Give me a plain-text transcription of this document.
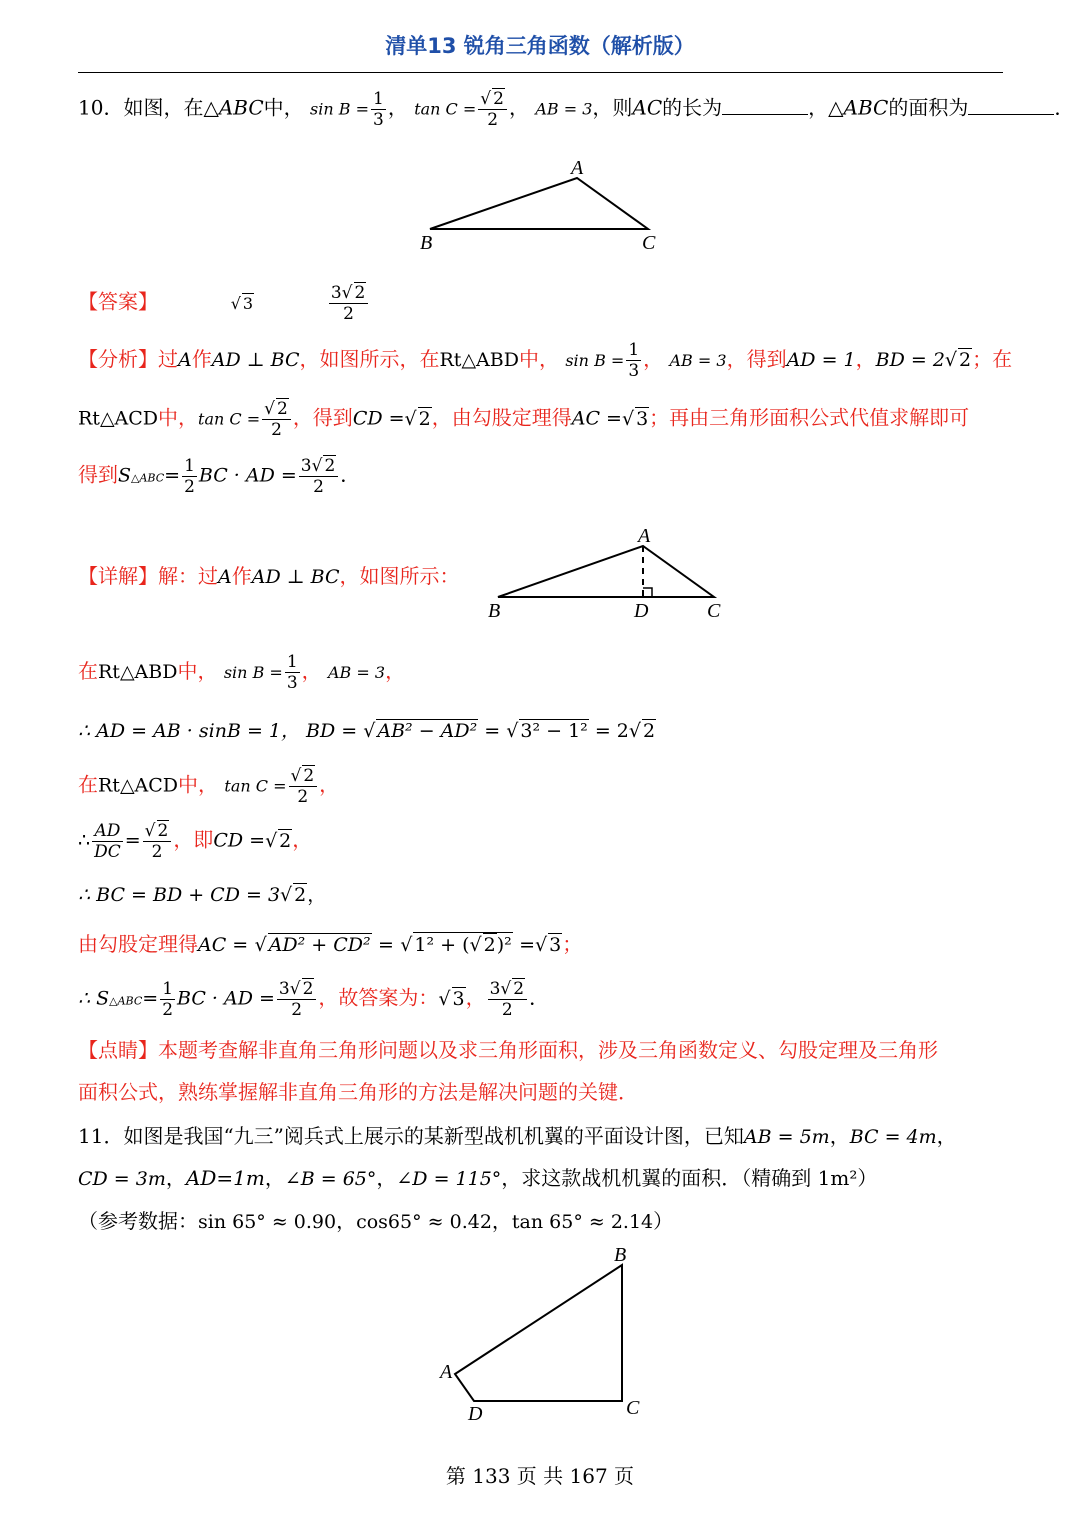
清单13 锐角三角函数（解析版）
10．如图，在△ABC中， $\sin B = \frac{1}{3}$ ， $\tan C = \frac{√ 2}{2}$ ， AB = 3，则AC的长为	，△ABC的面积为	．
A
B	C
A
B	D	C
B
A
C
D
【答案】	√ 3	$\frac{3√ 2}{2}$
【分析】过A作AD ⊥ BC，如图所示，在Rt△ABD中， $\sin B = \frac{1}{3}$ ， AB = 3，得到AD = 1，BD = 2√ 2；在
Rt△ACD中，$\tan C = \frac{√ 2}{2}$ ，得到CD =√ 2，由勾股定理得AC =√ 3；再由三角形面积公式代值求解即可
得到S△ABC= $\frac{1}{2}$ BC · AD = $\frac{3√ 2}{2}$ ．
【详解】解：过A作AD ⊥ BC，如图所示：
在Rt△ABD中， $\sin B = \frac{1}{3}$ ， AB = 3，
∴ AD = AB · sinB = 1， BD = √ AB² − AD² = √ 3² − 1² = 2√ 2
在Rt△ACD中， $\tan C = \frac{√ 2}{2}$ ，
∴ $\frac{AD}{DC} = \frac{√ 2}{2}$ ，即CD =√ 2，
∴ BC = BD + CD = 3√ 2，
由勾股定理得AC = √ AD² + CD² = √ 1² + (√ 2)² =√ 3；
∴ S△ABC= $\frac{1}{2}$ BC · AD = $\frac{3√ 2}{2}$ ，故答案为：√ 3， $\frac{3√ 2}{2}$ ．
【点睛】本题考查解非直角三角形问题以及求三角形面积，涉及三角函数定义、勾股定理及三角形
面积公式，熟练掌握解非直角三角形的方法是解决问题的关键．
11．如图是我国“九三”阅兵式上展示的某新型战机机翼的平面设计图，已知AB = 5m，BC = 4m，
CD = 3m，AD=1m，∠B = 65°，∠D = 115°，求这款战机机翼的面积．（精确到 1m²）
（参考数据：sin 65° ≈ 0.90，cos65° ≈ 0.42，tan 65° ≈ 2.14）
第 133 页 共 167 页
